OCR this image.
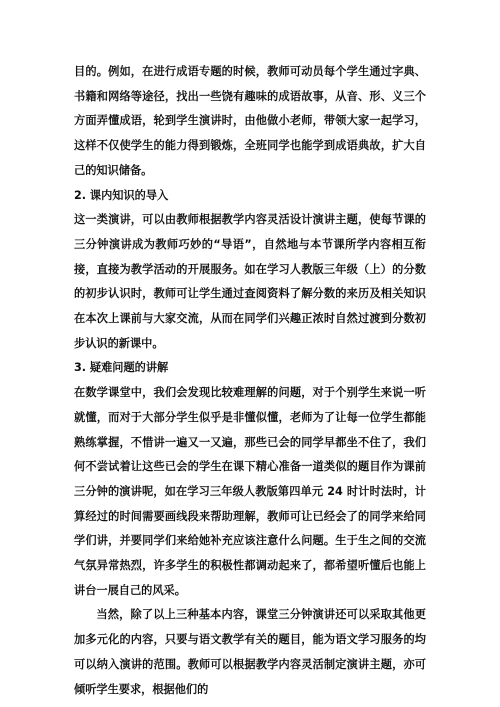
目的。例如，在进行成语专题的时候，教师可动员每个学生通过字典、书籍和网络等途径，找出一些饶有趣味的成语故事，从音、形、义三个方面弄懂成语，轮到学生演讲时，由他做小老师，带领大家一起学习，这样不仅使学生的能力得到锻炼，全班同学也能学到成语典故，扩大自己的知识储备。

2. 课内知识的导入

这一类演讲，可以由教师根据教学内容灵活设计演讲主题，使每节课的三分钟演讲成为教师巧妙的“导语”，自然地与本节课所学内容相互衔接，直接为教学活动的开展服务。如在学习人教版三年级（上）的分数的初步认识时，教师可让学生通过查阅资料了解分数的来历及相关知识在本次上课前与大家交流，从而在同学们兴趣正浓时自然过渡到分数初步认识的新课中。

3. 疑难问题的讲解

在数学课堂中，我们会发现比较难理解的问题，对于个别学生来说一听就懂，而对于大部分学生似乎是非懂似懂，老师为了让每一位学生都能熟练掌握，不惜讲一遍又一又遍，那些已会的同学早都坐不住了，我们何不尝试着让这些已会的学生在课下精心准备一道类似的题目作为课前三分钟的演讲呢，如在学习三年级人教版第四单元 24 时计时法时，计算经过的时间需要画线段来帮助理解，教师可让已经会了的同学来给同学们讲，并要同学们来给她补充应该注意什么问题。生于生之间的交流气氛异常热烈，许多学生的积极性都调动起来了，都希望听懂后也能上讲台一展自己的风采。

当然，除了以上三种基本内容，课堂三分钟演讲还可以采取其他更加多元化的内容，只要与语文教学有关的题目，能为语文学习服务的均可以纳入演讲的范围。教师可以根据教学内容灵活制定演讲主题，亦可倾听学生要求，根据他们的
